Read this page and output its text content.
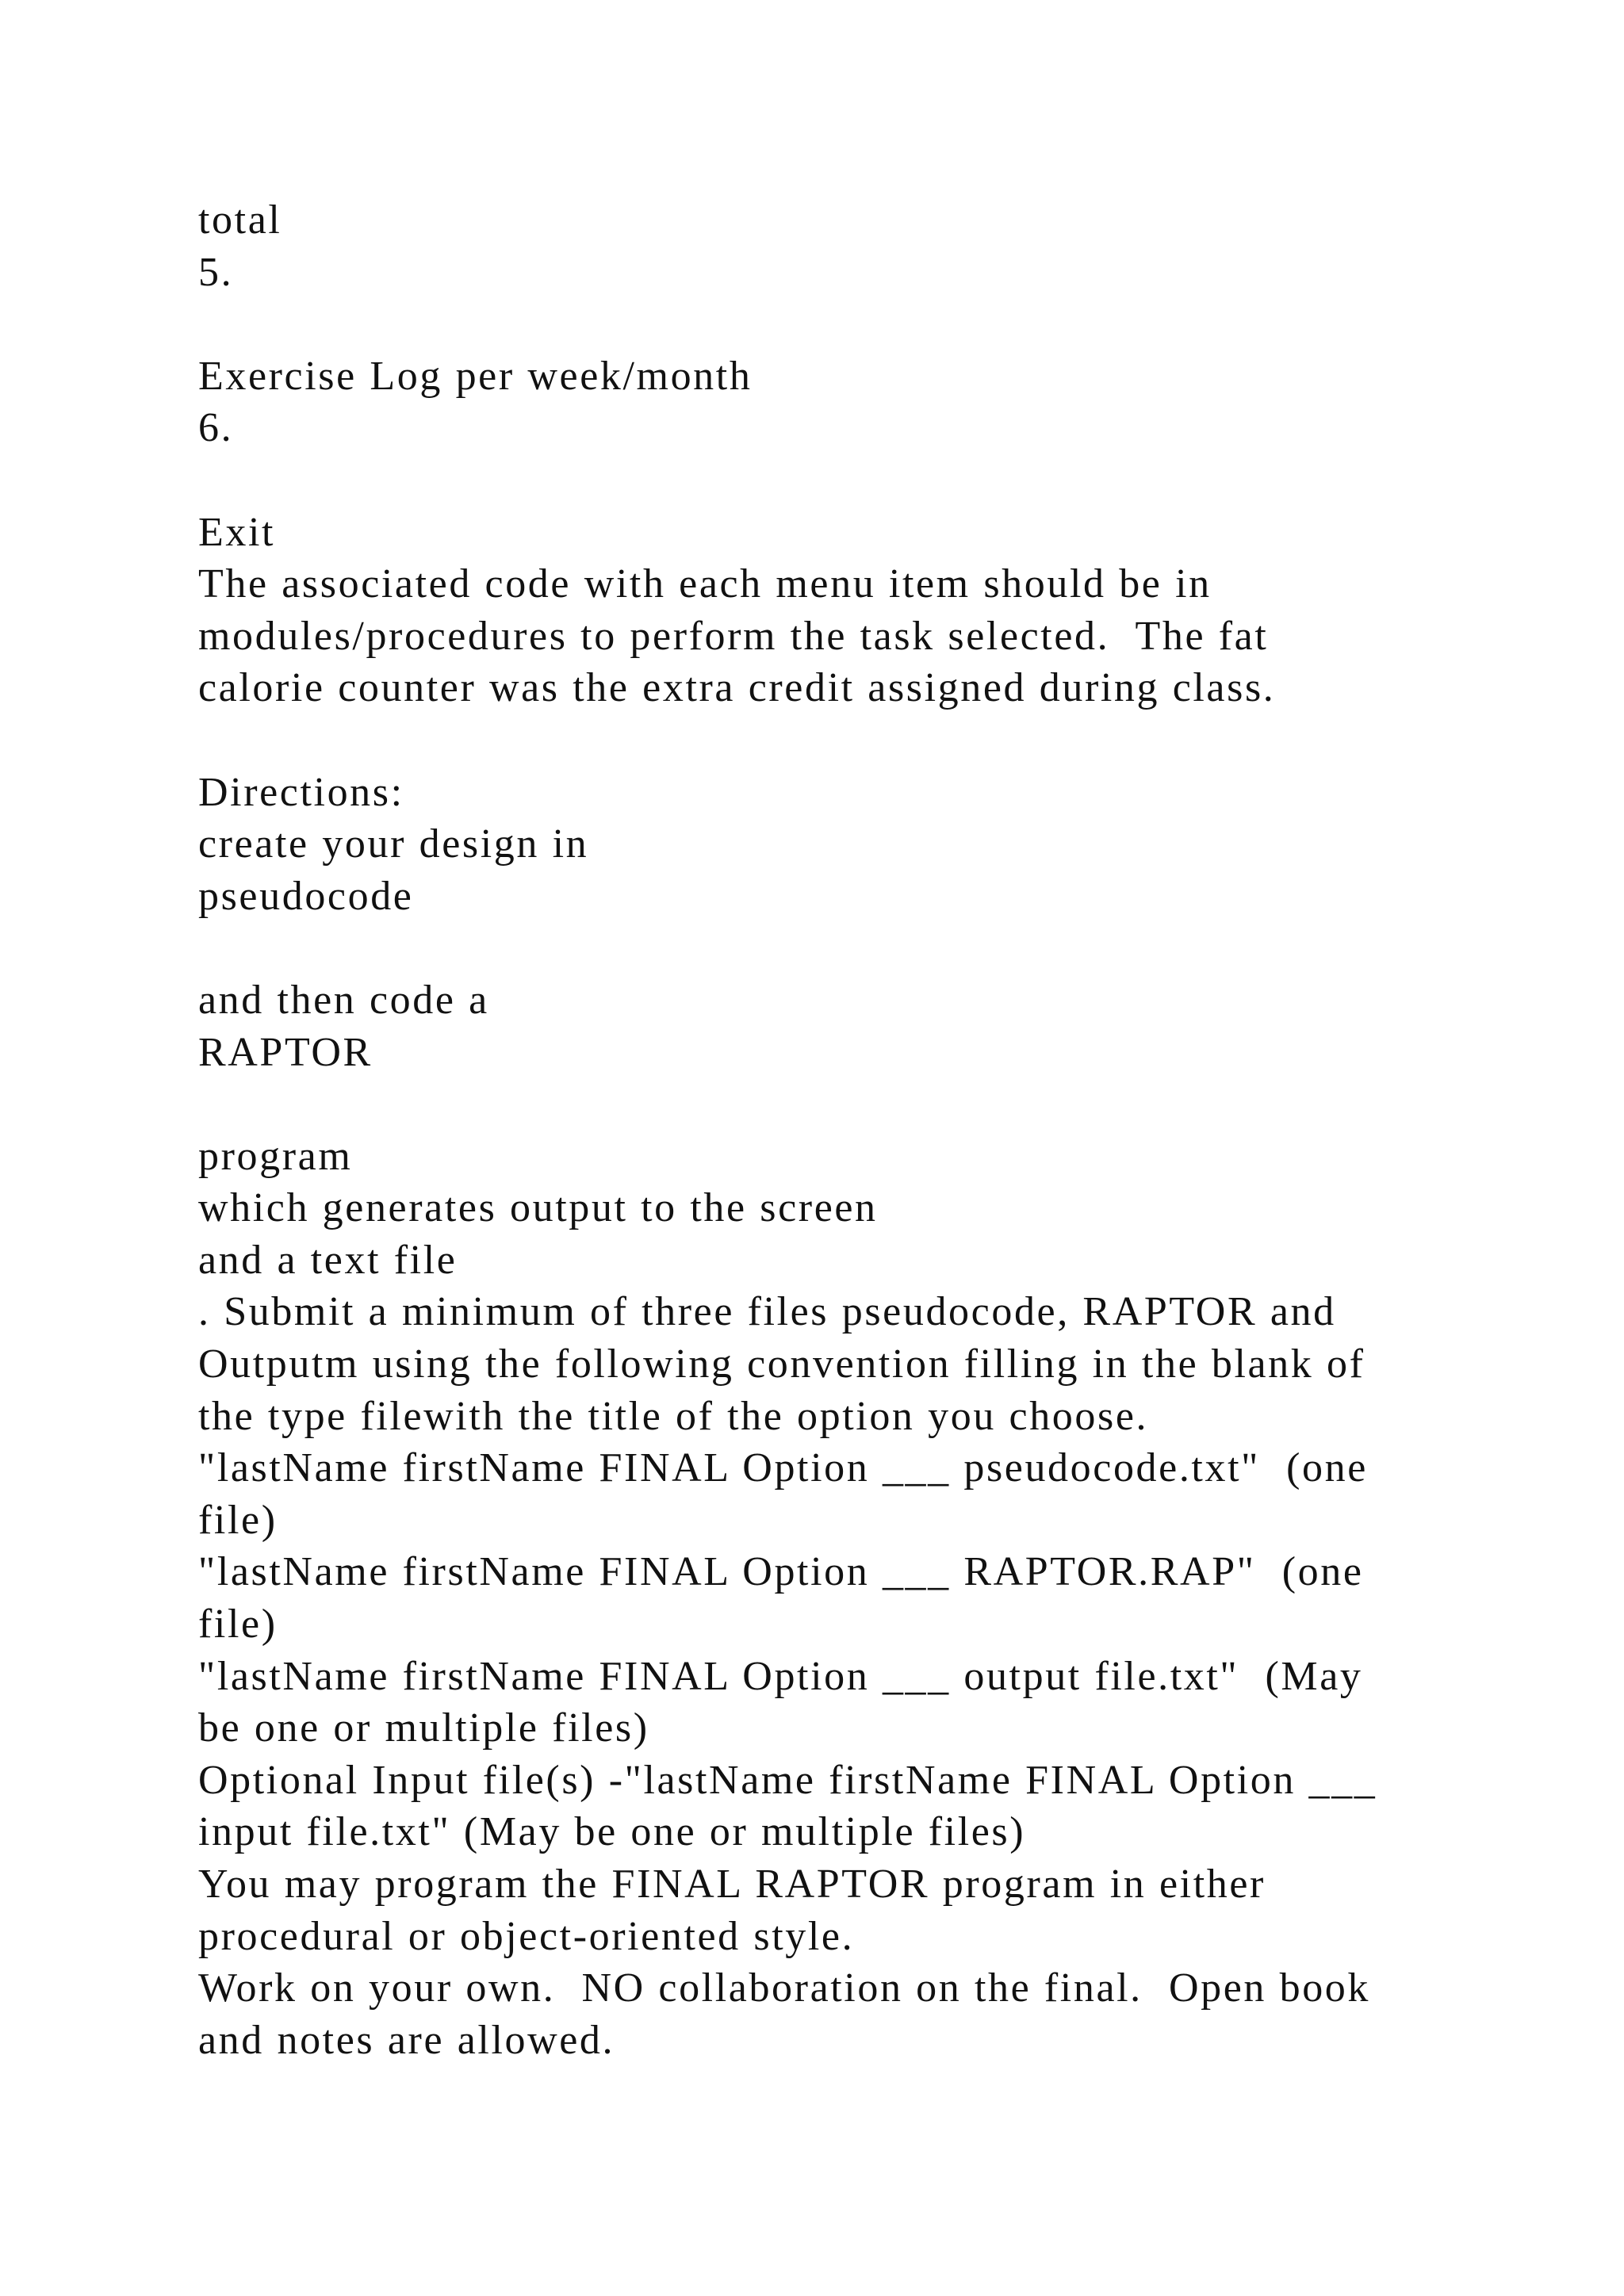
total
5.
Exercise Log per week/month
6.
Exit
The associated code with each menu item should be in
modules/procedures to perform the task selected.  The fat
calorie counter was the extra credit assigned during class.
Directions:
create your design in
pseudocode
and then code a
RAPTOR
program
which generates output to the screen
and a text file
. Submit a minimum of three files pseudocode, RAPTOR and
Outputm using the following convention filling in the blank of
the type filewith the title of the option you choose.
"lastName firstName FINAL Option ___ pseudocode.txt"  (one
file)
"lastName firstName FINAL Option ___ RAPTOR.RAP"  (one
file)
"lastName firstName FINAL Option ___ output file.txt"  (May
be one or multiple files)
Optional Input file(s) -"lastName firstName FINAL Option ___
input file.txt" (May be one or multiple files)
You may program the FINAL RAPTOR program in either
procedural or object-oriented style.
Work on your own.  NO collaboration on the final.  Open book
and notes are allowed.
